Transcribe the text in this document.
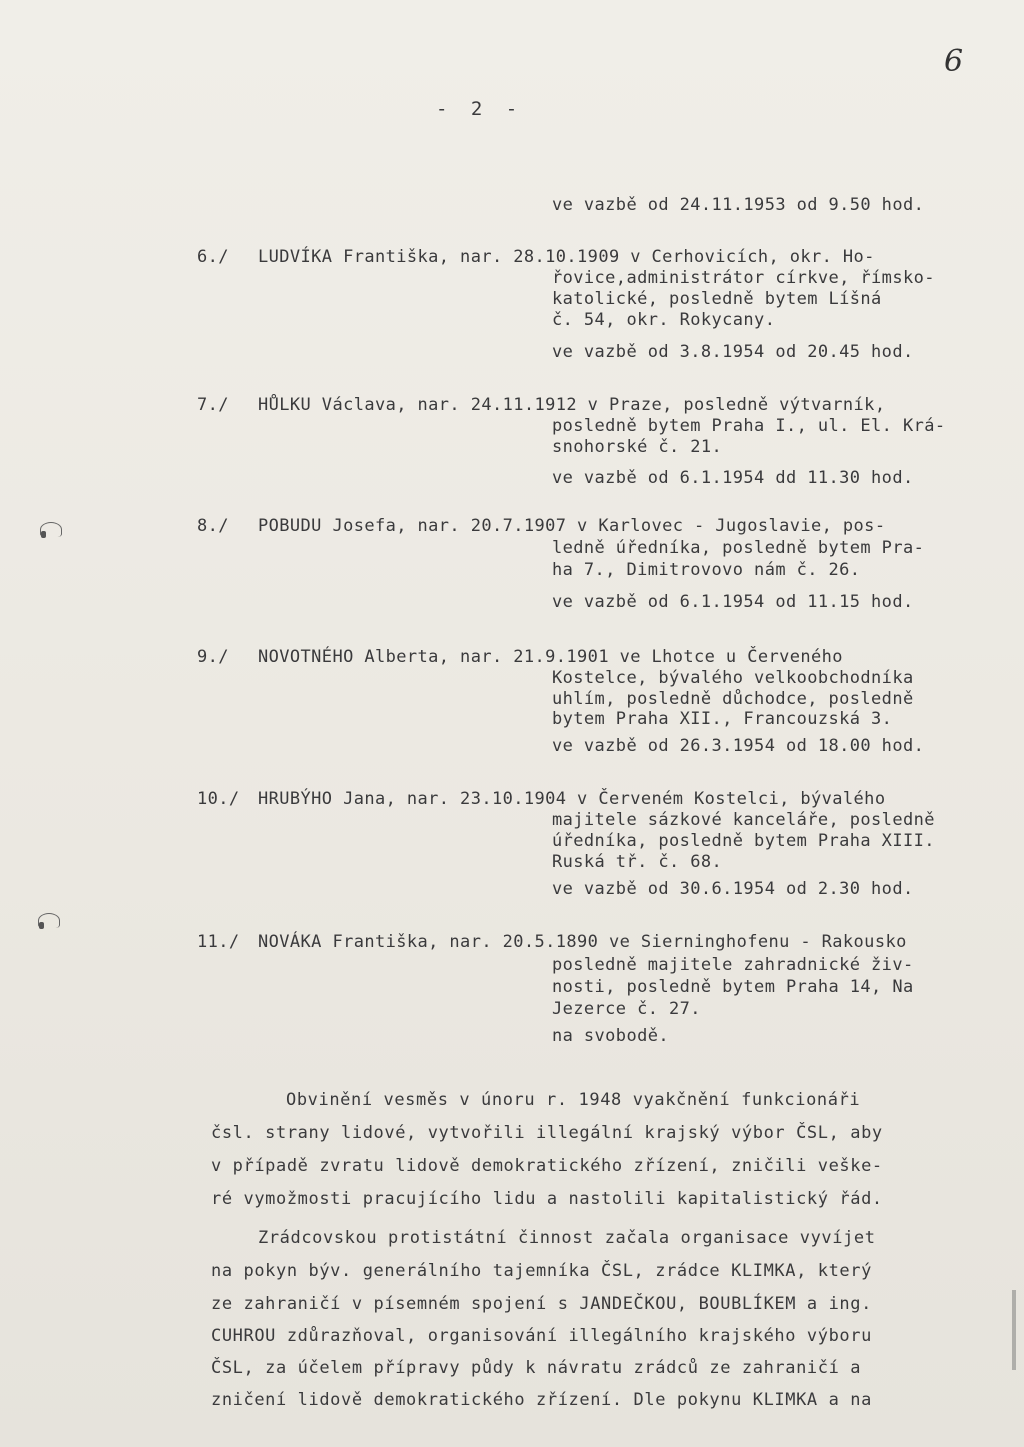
6
- 2 -
ve vazbě od 24.11.1953 od 9.50 hod.
6./ LUDVÍKA Františka, nar. 28.10.1909 v Cerhovicích, okr. Ho-
řovice,administrátor církve, římsko-
katolické, posledně bytem Líšná
č. 54, okr. Rokycany.
ve vazbě od 3.8.1954 od 20.45 hod.
7./ HŮLKU Václava, nar. 24.11.1912 v Praze, posledně výtvarník,
posledně bytem Praha I., ul. El. Krá-
snohorské č. 21.
ve vazbě od 6.1.1954 dd 11.30 hod.
8./ POBUDU Josefa, nar. 20.7.1907 v Karlovec - Jugoslavie, pos-
ledně úředníka, posledně bytem Pra-
ha 7., Dimitrovovo nám č. 26.
ve vazbě od 6.1.1954 od 11.15 hod.
9./ NOVOTNÉHO Alberta, nar. 21.9.1901 ve Lhotce u Červeného
Kostelce, bývalého velkoobchodníka
uhlím, posledně důchodce, posledně
bytem Praha XII., Francouzská 3.
ve vazbě od 26.3.1954 od 18.00 hod.
10./ HRUBÝHO Jana, nar. 23.10.1904 v Červeném Kostelci, bývalého
majitele sázkové kanceláře, posledně
úředníka, posledně bytem Praha XIII.
Ruská tř. č. 68.
ve vazbě od 30.6.1954 od 2.30 hod.
11./ NOVÁKA Františka, nar. 20.5.1890 ve Sierninghofenu - Rakousko
posledně majitele zahradnické živ-
nosti, posledně bytem Praha 14, Na
Jezerce č. 27.
na svobodě.
Obvinění vesměs v únoru r. 1948 vyakčnění funkcionáři
čsl. strany lidové, vytvořili illegální krajský výbor ČSL, aby
v případě zvratu lidově demokratického zřízení, zničili veške-
ré vymožmosti pracujícího lidu a nastolili kapitalistický řád.
Zrádcovskou protistátní činnost začala organisace vyvíjet
na pokyn býv. generálního tajemníka ČSL, zrádce KLIMKA, který
ze zahraničí v písemném spojení s JANDEČKOU, BOUBLÍKEM a ing.
CUHROU zdůrazňoval, organisování illegálního krajského výboru
ČSL, za účelem přípravy půdy k návratu zrádců ze zahraničí a
zničení lidově demokratického zřízení. Dle pokynu KLIMKA a na
